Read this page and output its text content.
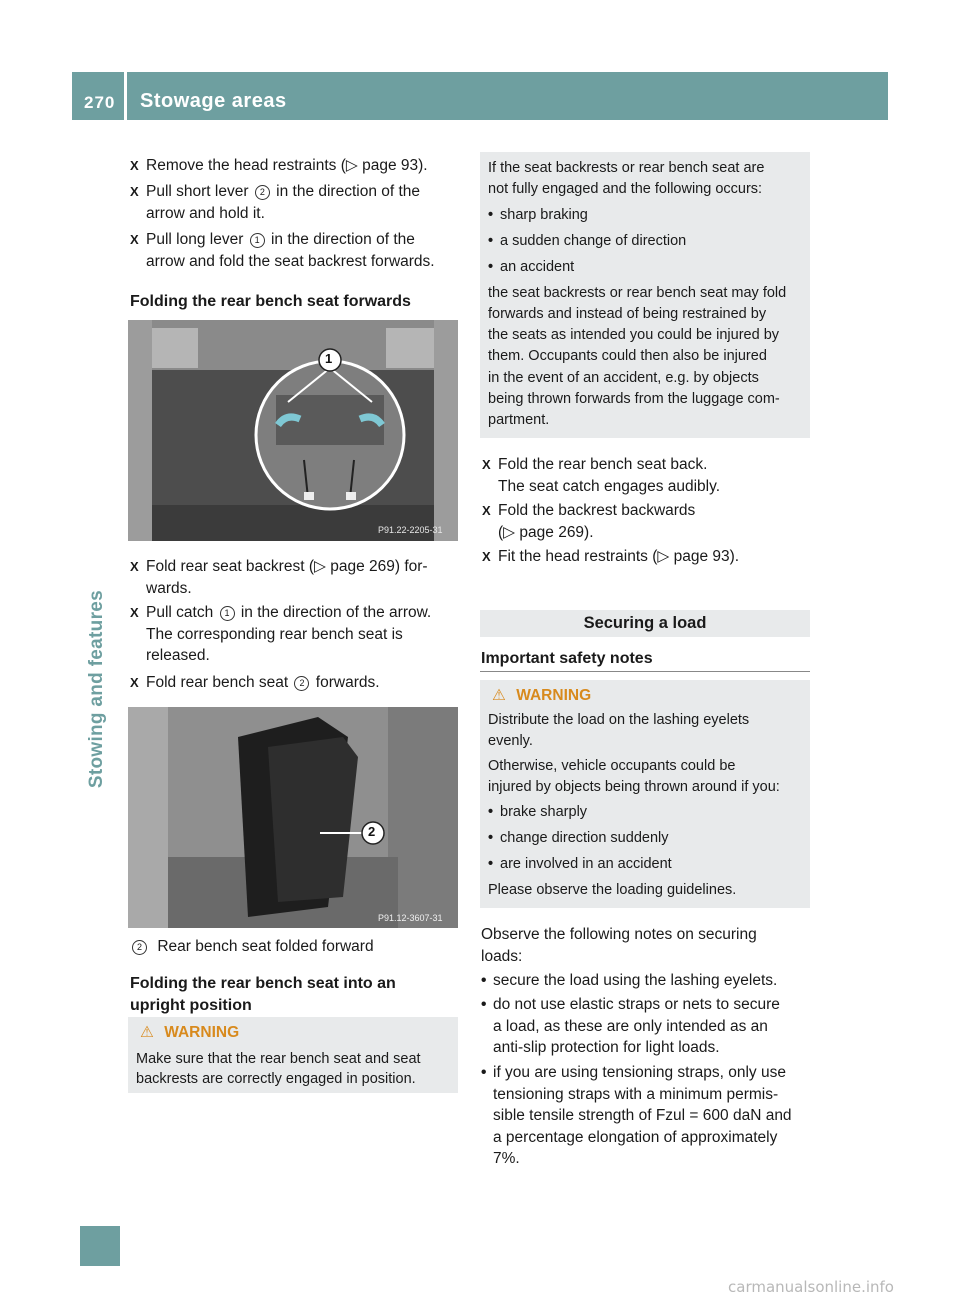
270 Stowage areas
Stowing and features
X Remove the head restraints (▷ page 93).
X Pull short lever 2 in the direction of the
arrow and hold it.
X Pull long lever 1 in the direction of the
arrow and fold the seat backrest forwards.
Folding the rear bench seat forwards
1
P91.22-2205-31
X Fold rear seat backrest (▷ page 269) for-
wards.
X Pull catch 1 in the direction of the arrow.
The corresponding rear bench seat is
released.
X Fold rear bench seat 2 forwards.
2
P91.12-3607-31
2 Rear bench seat folded forward
Folding the rear bench seat into an
upright position
⚠ WARNING
Make sure that the rear bench seat and seat
backrests are correctly engaged in position.
If the seat backrests or rear bench seat are
not fully engaged and the following occurs:
• sharp braking
• a sudden change of direction
• an accident
the seat backrests or rear bench seat may fold
forwards and instead of being restrained by
the seats as intended you could be injured by
them. Occupants could then also be injured
in the event of an accident, e.g. by objects
being thrown forwards from the luggage com-
partment.
X Fold the rear bench seat back.
The seat catch engages audibly.
X Fold the backrest backwards
(▷ page 269).
X Fit the head restraints (▷ page 93).
Securing a load
Important safety notes
⚠ WARNING
Distribute the load on the lashing eyelets
evenly.

Otherwise, vehicle occupants could be
injured by objects being thrown around if you:
• brake sharply
• change direction suddenly
• are involved in an accident
Please observe the loading guidelines.
Observe the following notes on securing
loads:
• secure the load using the lashing eyelets.
• do not use elastic straps or nets to secure
a load, as these are only intended as an
anti-slip protection for light loads.
• if you are using tensioning straps, only use
tensioning straps with a minimum permis-
sible tensile strength of Fzul = 600 daN and
a percentage elongation of approximately
7%.
carmanualsonline.info
